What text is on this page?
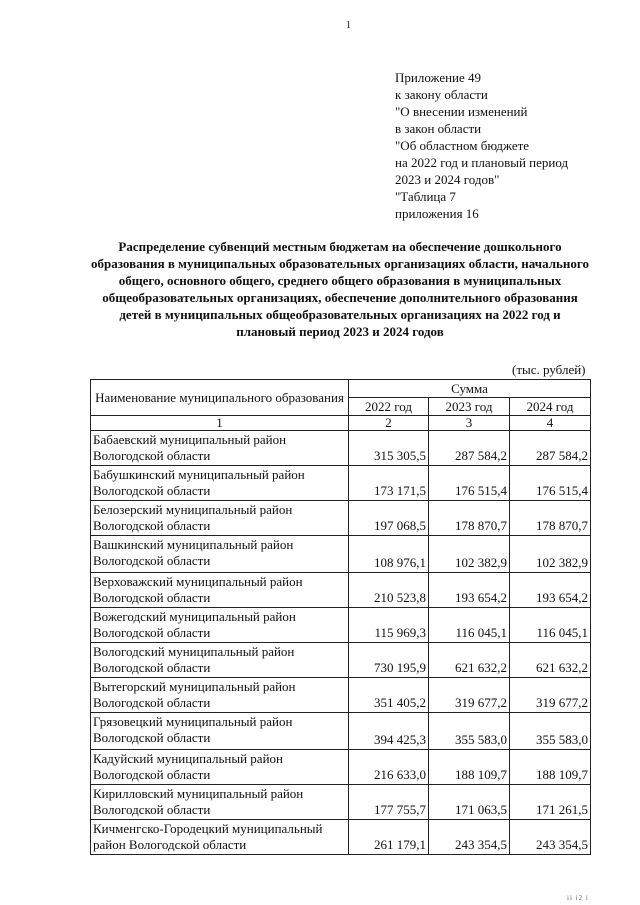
1
Приложение 49
к закону области
"О внесении изменений
в закон области
"Об областном бюджете
на 2022 год и плановый период
2023 и 2024 годов"
"Таблица 7
приложения 16
Распределение субвенций местным бюджетам на обеспечение дошкольного образования в муниципальных образовательных организациях области, начального общего, основного общего, среднего общего образования в муниципальных общеобразовательных организациях, обеспечение дополнительного образования детей в муниципальных общеобразовательных организациях на 2022 год и плановый период 2023 и 2024 годов
(тыс. рублей)
Наименование муниципального образования	Сумма		
	2022 год	2023 год	2024 год
1	2	3	4
Бабаевский муниципальный район Вологодской области	315 305,5	287 584,2	287 584,2
Бабушкинский муниципальный район Вологодской области	173 171,5	176 515,4	176 515,4
Белозерский муниципальный район Вологодской области	197 068,5	178 870,7	178 870,7
Вашкинский муниципальный район Вологодской области	108 976,1	102 382,9	102 382,9
Верховажский муниципальный район Вологодской области	210 523,8	193 654,2	193 654,2
Вожегодский муниципальный район Вологодской области	115 969,3	116 045,1	116 045,1
Вологодский муниципальный район Вологодской области	730 195,9	621 632,2	621 632,2
Вытегорский муниципальный район Вологодской области	351 405,2	319 677,2	319 677,2
Грязовецкий муниципальный район Вологодской области	394 425,3	355 583,0	355 583,0
Кадуйский муниципальный район Вологодской области	216 633,0	188 109,7	188 109,7
Кирилловский муниципальный район Вологодской области	177 755,7	171 063,5	171 261,5
Кичменгско-Городецкий муниципальный район Вологодской области	261 179,1	243 354,5	243 354,5
ii i2 i
